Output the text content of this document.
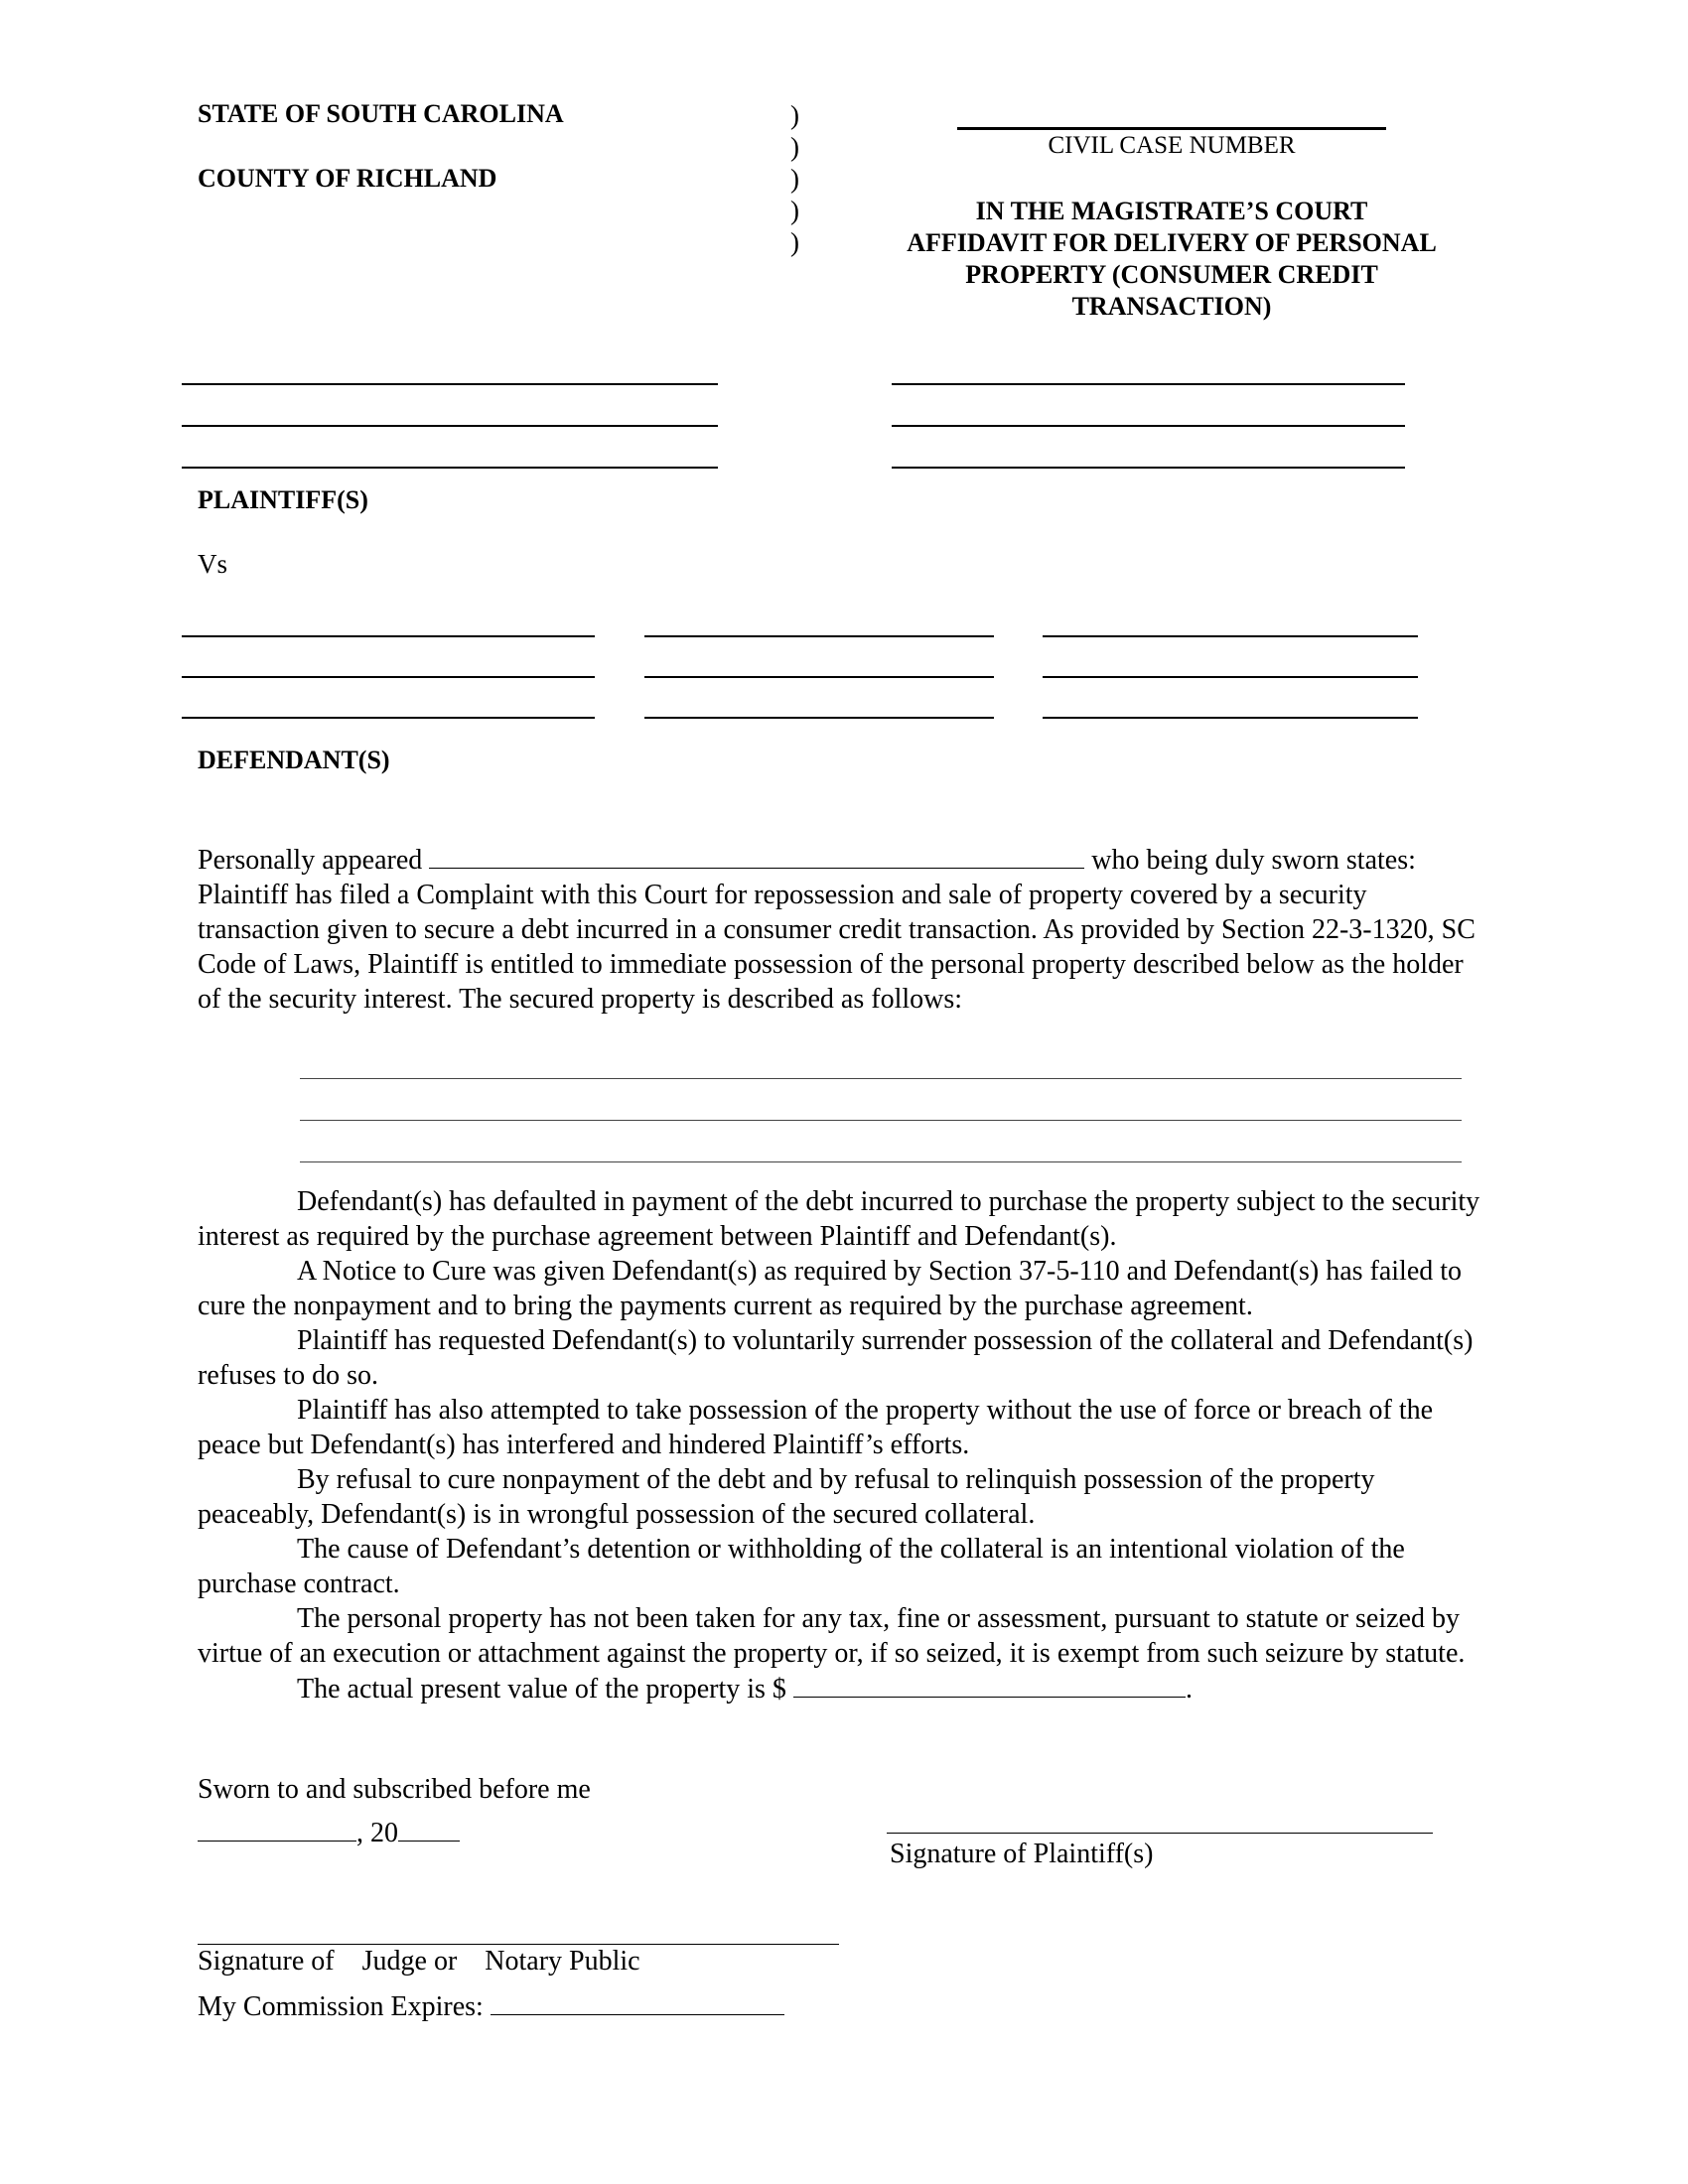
STATE OF SOUTH CAROLINA
COUNTY OF RICHLAND
)
)
)
)
)
CIVIL CASE NUMBER
IN THE MAGISTRATE’S COURT
AFFIDAVIT FOR DELIVERY OF PERSONAL
PROPERTY (CONSUMER CREDIT
TRANSACTION)
PLAINTIFF(S)
Vs
DEFENDANT(S)
Personally appeared	who being duly sworn states: Plaintiff has filed a Complaint with this Court for repossession and sale of property covered by a security transaction given to secure a debt incurred in a consumer credit transaction. As provided by Section 22-3-1320, SC Code of Laws, Plaintiff is entitled to immediate possession of the personal property described below as the holder of the security interest. The secured property is described as follows:
Defendant(s) has defaulted in payment of the debt incurred to purchase the property subject to the security interest as required by the purchase agreement between Plaintiff and Defendant(s).
A Notice to Cure was given Defendant(s) as required by Section 37-5-110 and Defendant(s) has failed to cure the nonpayment and to bring the payments current as required by the purchase agreement.
Plaintiff has requested Defendant(s) to voluntarily surrender possession of the collateral and Defendant(s) refuses to do so.
Plaintiff has also attempted to take possession of the property without the use of force or breach of the peace but Defendant(s) has interfered and hindered Plaintiff’s efforts.
By refusal to cure nonpayment of the debt and by refusal to relinquish possession of the property peaceably, Defendant(s) is in wrongful possession of the secured collateral.
The cause of Defendant’s detention or withholding of the collateral is an intentional violation of the purchase contract.
The personal property has not been taken for any tax, fine or assessment, pursuant to statute or seized by virtue of an execution or attachment against the property or, if so seized, it is exempt from such seizure by statute.
The actual present value of the property is $	.
Sworn to and subscribed before me
, 20
Signature of Plaintiff(s)
Signature of    Judge or    Notary Public
My Commission Expires:
